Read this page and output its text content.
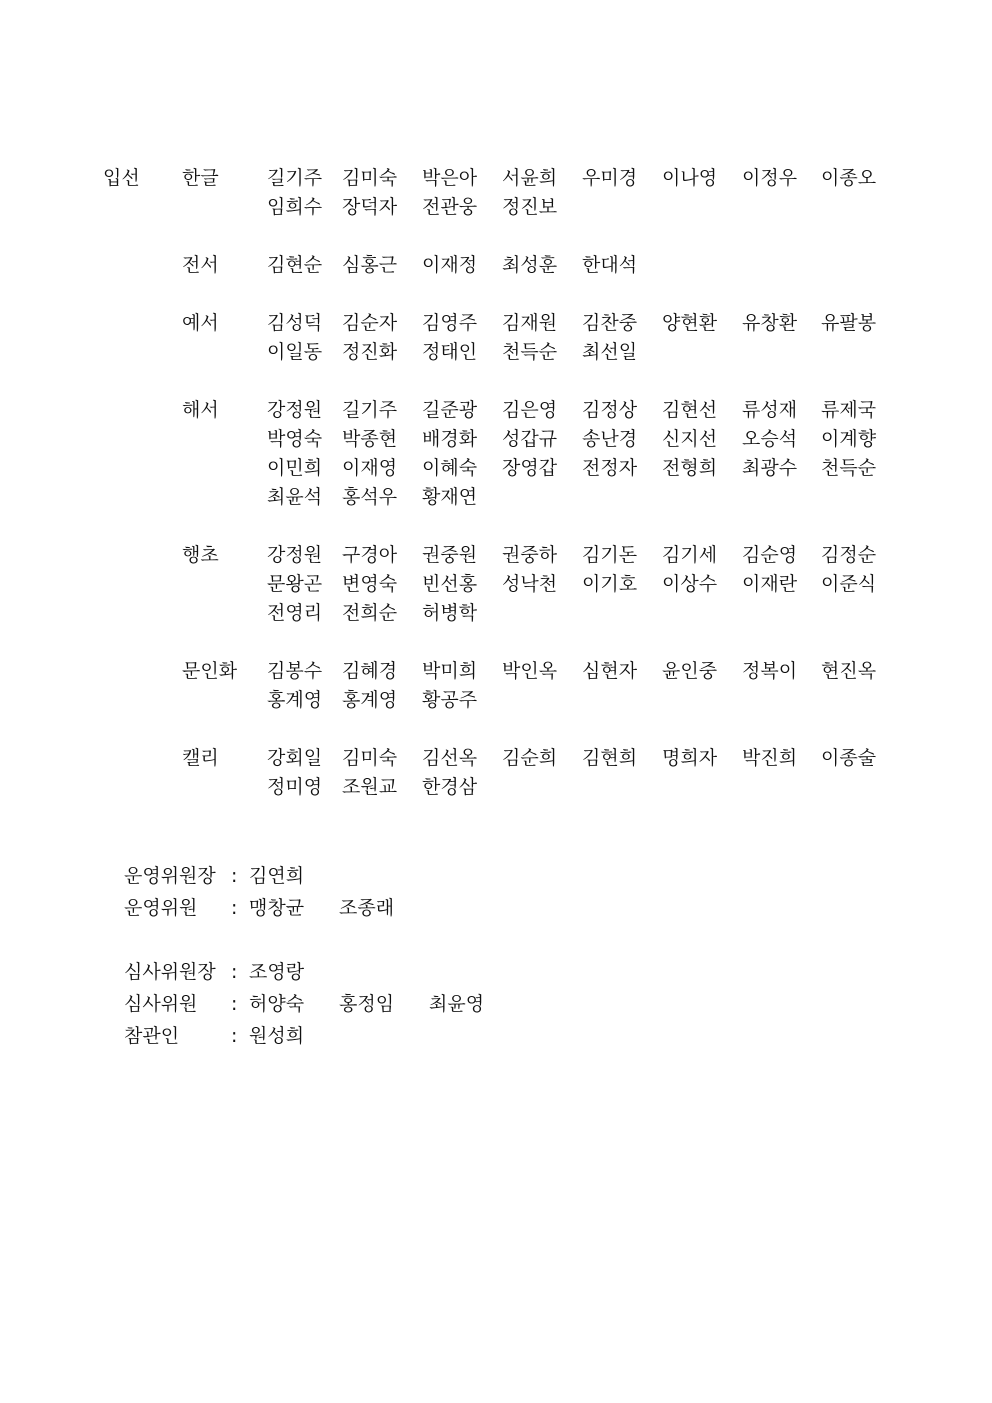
입선 한글	길기주 김미숙 박은아 서윤희 우미경 이나영 이정우 이종오
임희수 장덕자 전관웅 정진보
전서	김현순 심홍근 이재정 최성훈 한대석
예서	김성덕 김순자 김영주 김재원 김찬중 양현환 유창환 유팔봉
이일동 정진화 정태인 천득순 최선일
해서	강정원 길기주 길준광 김은영 김정상 김현선 류성재 류제국
박영숙 박종현 배경화 성갑규 송난경 신지선 오승석 이계향
이민희 이재영 이혜숙 장영갑 전정자 전형희 최광수 천득순
최윤석 홍석우 황재연
행초	강정원 구경아 권중원 권중하 김기돈 김기세 김순영 김정순
문왕곤 변영숙 빈선홍 성낙천 이기호 이상수 이재란 이준식
전영리 전희순 허병학
문인화 김봉수 김혜경 박미희 박인옥 심현자 윤인중 정복이 현진옥
홍계영 홍계영 황공주
캘리	강회일 김미숙 김선옥 김순희 김현희 명희자 박진희 이종술
정미영 조원교 한경삼
운영위원장 : 김연희
운영위원 : 맹창균 조종래
심사위원장 : 조영랑
심사위원 : 허양숙 홍정임 최윤영
참관인	: 원성희
